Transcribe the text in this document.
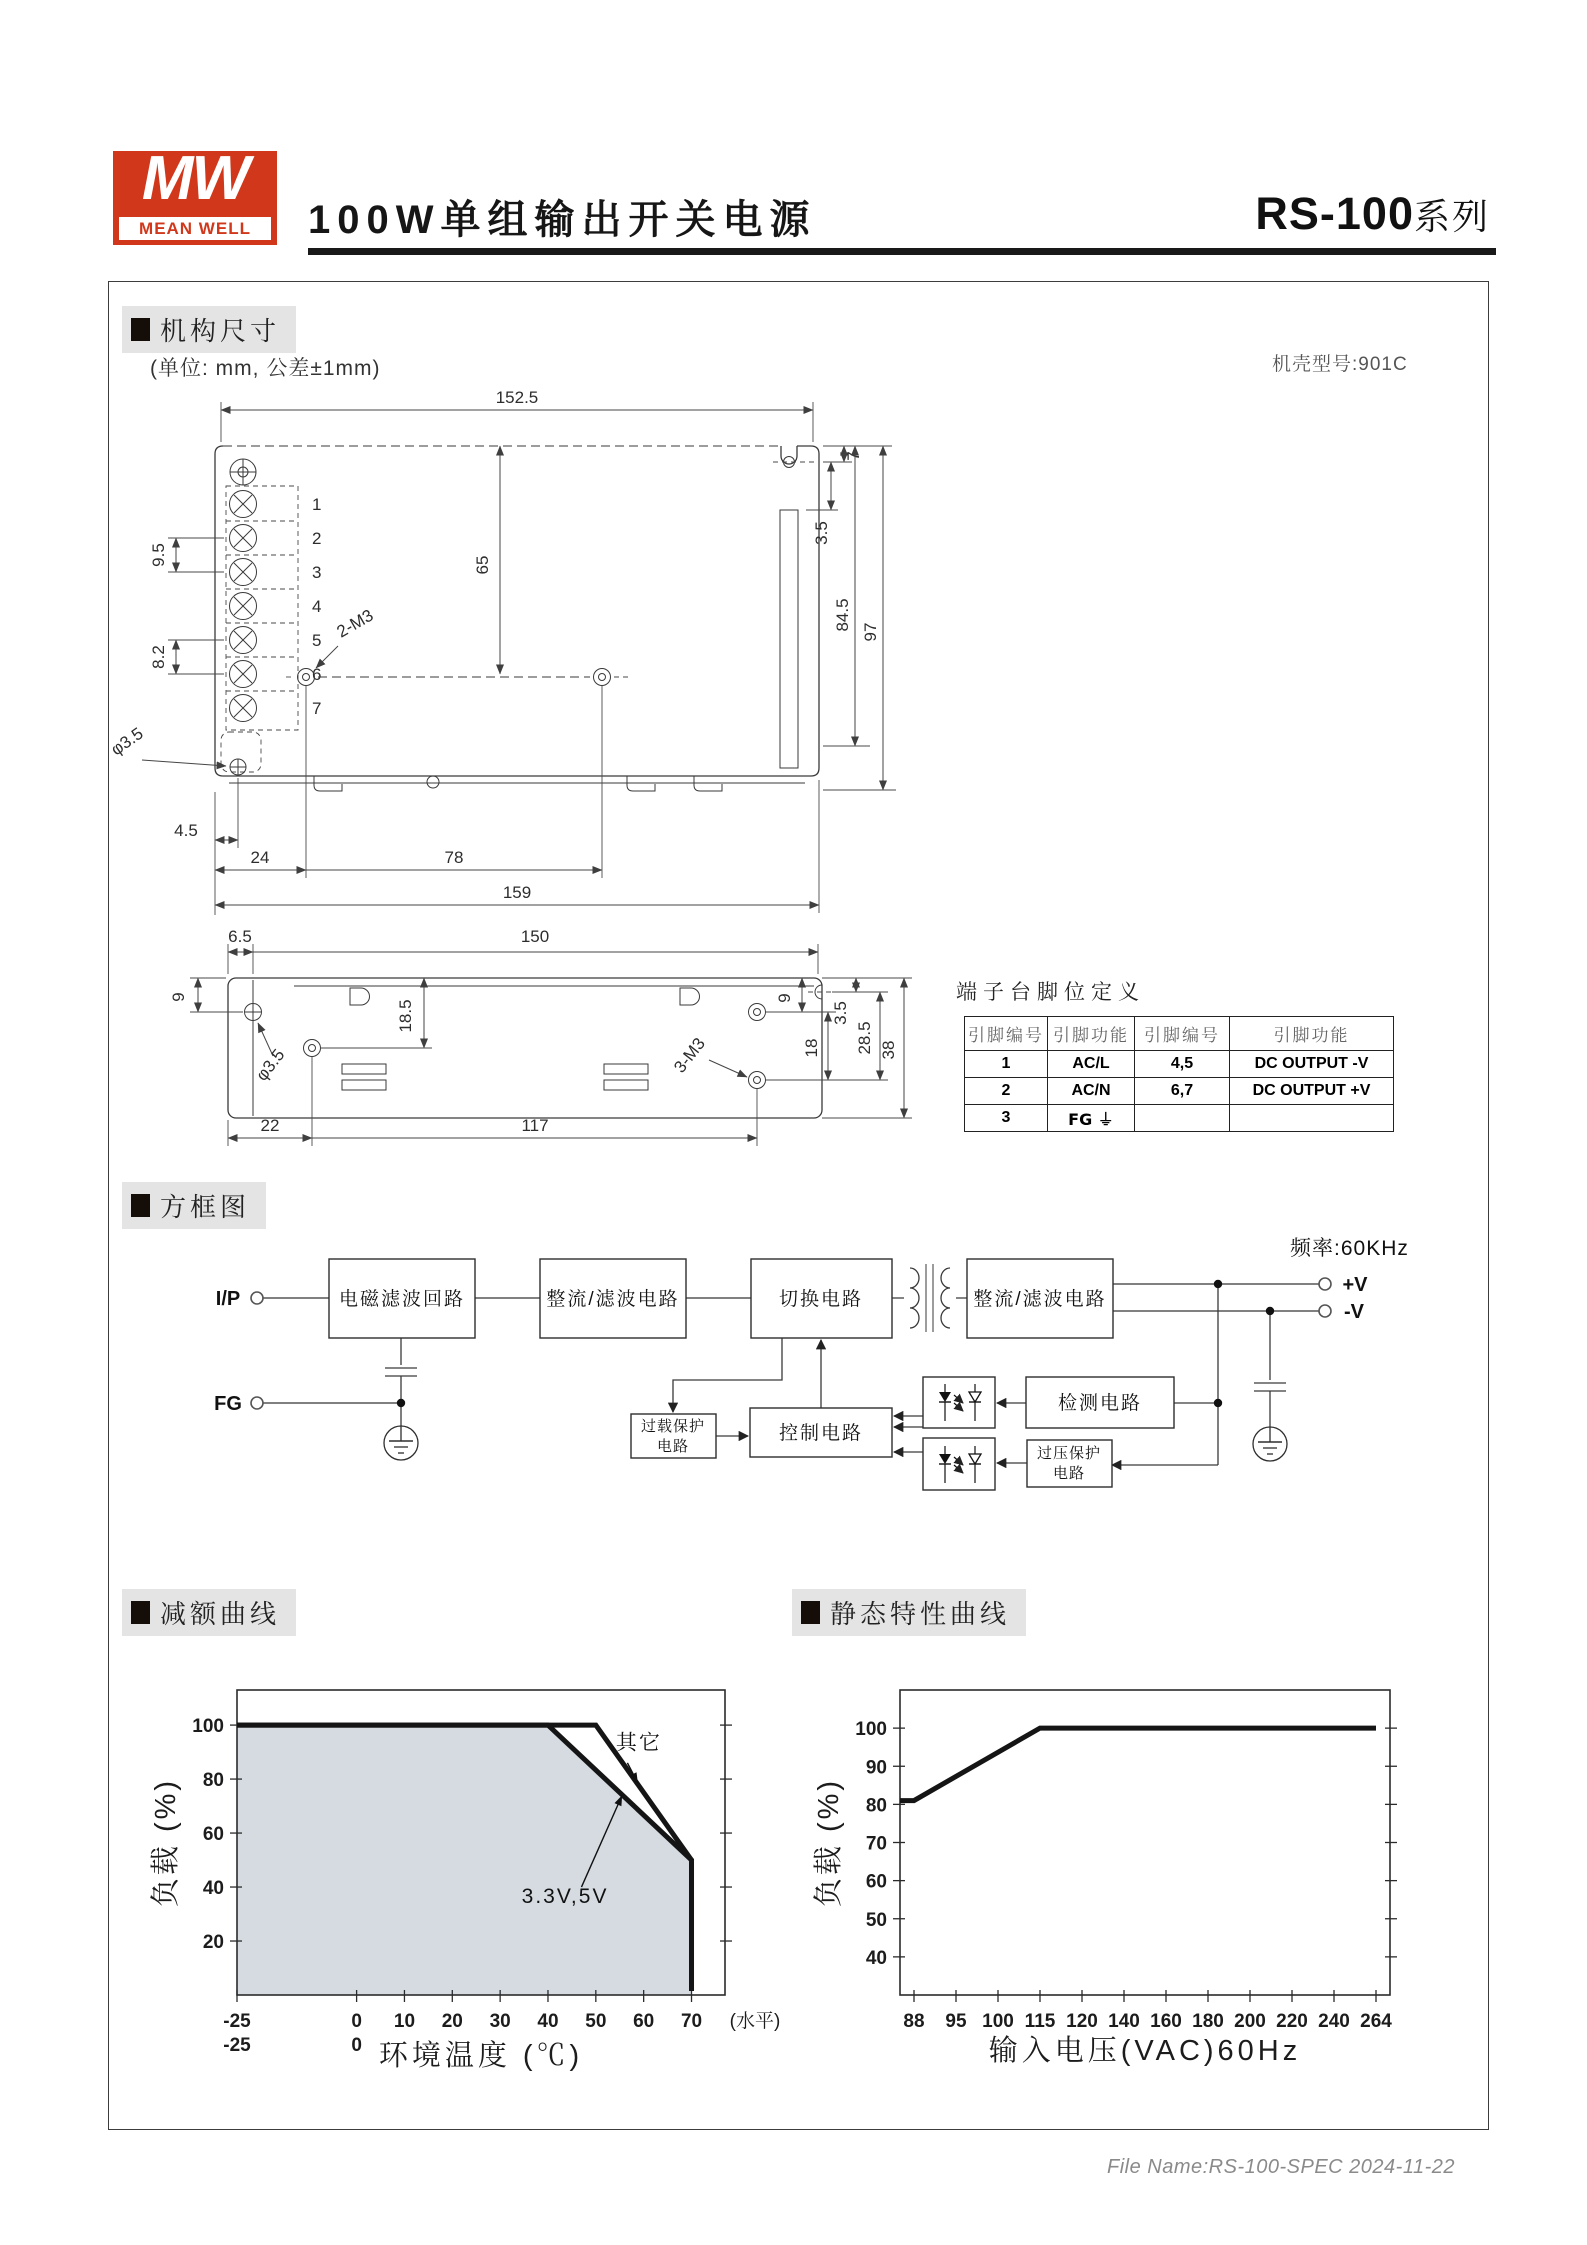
MW
MEAN WELL	100W单组输出开关电源	RS-100系列
机构尺寸
(单位: mm, 公差±1mm)	机壳型号:901C
1
2
3
4
5
6
7
152.5
7
3.5
84.5
97
65
9.5
8.2
2-M3
φ3.5
4.5
24	78
159
φ3.5	3-M3
6.5	150
9
18.5
9
18
3.5
28.5 38
22	117
端子台脚位定义
引脚编号	引脚功能	引脚编号	引脚功能
1	AC/L	4,5	DC OUTPUT -V
2	AC/N	6,7	DC OUTPUT +V
3	FG ⏚		
方框图
频率:60KHz
电磁滤波回路	整流/滤波电路	切换电路	整流/滤波电路
过载保护
电路
控制电路
检测电路
过压保护
电路
I/P
FG
+V
-V
减额曲线	静态特性曲线
20
40
60
80
100
-25	0 10 20 30 40 50 60 70
-25	0
(水平)
其它
3.3V,5V
环境温度 (℃)
负载 (%)
40
50
60
70
80
90
100
88 95 100 115 120 140 160 180 200 220 240 264
输入电压(VAC)60Hz
负载 (%)
File Name:RS-100-SPEC 2024-11-22
